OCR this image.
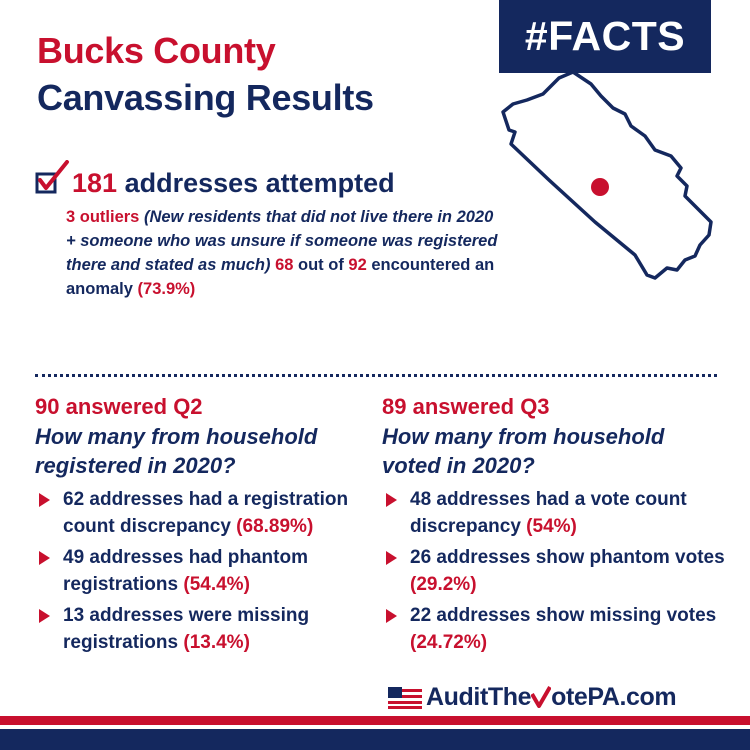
Bucks County
Canvassing Results
#FACTS
181 addresses attempted
3 outliers (New residents that did not live there in 2020 + someone who was unsure if someone was registered there and stated as much) 68 out of 92 encountered an anomaly (73.9%)
90 answered Q2
How many from household registered in 2020?
62 addresses had a registration count discrepancy (68.89%)
49 addresses had phantom registrations (54.4%)
13 addresses were missing registrations (13.4%)
89 answered Q3
How many from household voted in 2020?
48 addresses had a vote count discrepancy (54%)
26 addresses show phantom votes (29.2%)
22 addresses show missing votes (24.72%)
AuditThe otePA.com
